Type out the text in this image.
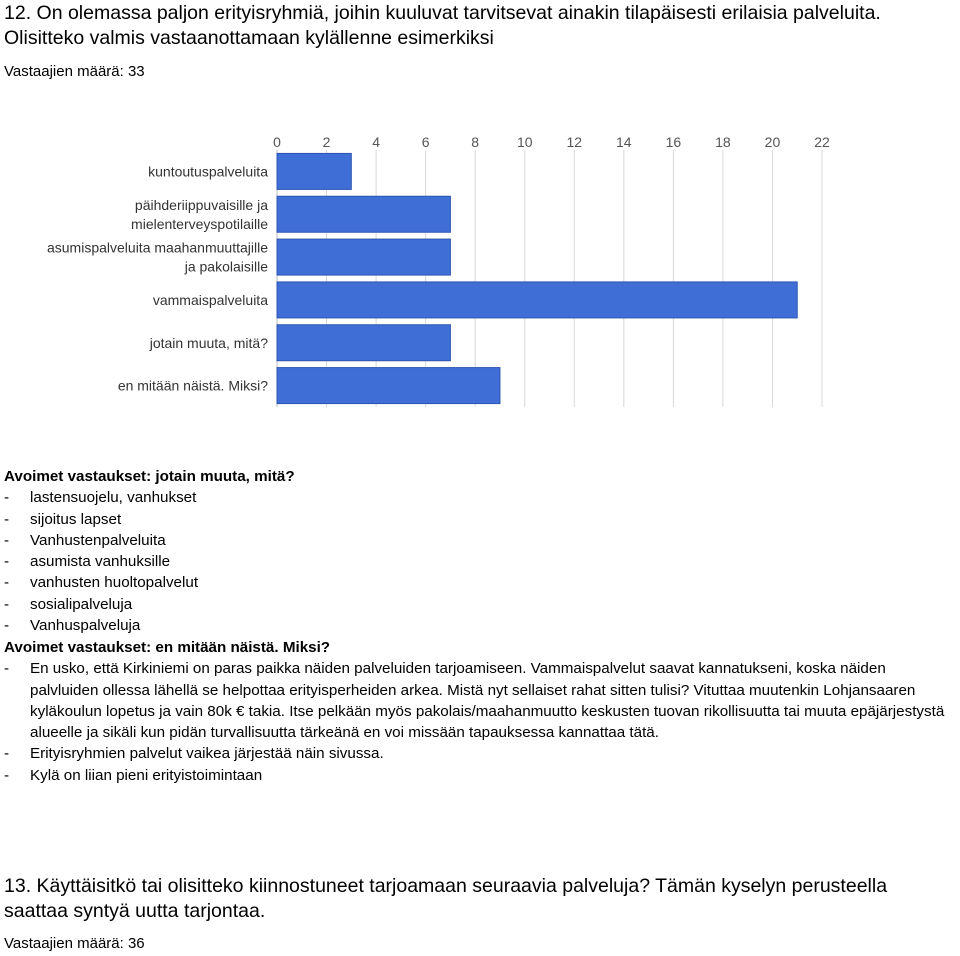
12. On olemassa paljon erityisryhmiä, joihin kuuluvat tarvitsevat ainakin tilapäisesti erilaisia palveluita. Olisitteko valmis vastaanottamaan kylällenne esimerkiksi

Vastaajien määrä: 33
0	2	4	6	8	10 12 14 16 18 20 22
kuntoutuspalveluita
päihderiippuvaisille ja
mielenterveyspotilaille
asumispalveluita maahanmuuttajille
ja pakolaisille
vammaispalveluita
jotain muuta, mitä?
en mitään näistä. Miksi?
Avoimet vastaukset: jotain muuta, mitä?
-	lastensuojelu, vanhukset
-	sijoitus lapset
-	Vanhustenpalveluita
-	asumista vanhuksille
-	vanhusten huoltopalvelut
-	sosialipalveluja
-	Vanhuspalveluja
Avoimet vastaukset: en mitään näistä. Miksi?
-	En usko, että Kirkiniemi on paras paikka näiden palveluiden tarjoamiseen. Vammaispalvelut saavat kannatukseni, koska näiden palvluiden ollessa lähellä se helpottaa erityisperheiden arkea. Mistä nyt sellaiset rahat sitten tulisi? Vituttaa muutenkin Lohjansaaren kyläkoulun lopetus ja vain 80k € takia. Itse pelkään myös pakolais/maahanmuutto keskusten tuovan rikollisuutta tai muuta epäjärjestystä alueelle ja sikäli kun pidän turvallisuutta tärkeänä en voi missään tapauksessa kannattaa tätä.
-	Erityisryhmien palvelut vaikea järjestää näin sivussa.
-	Kylä on liian pieni erityistoimintaan

13. Käyttäisitkö tai olisitteko kiinnostuneet tarjoamaan seuraavia palveluja? Tämän kyselyn perusteella saattaa syntyä uutta tarjontaa.

Vastaajien määrä: 36
